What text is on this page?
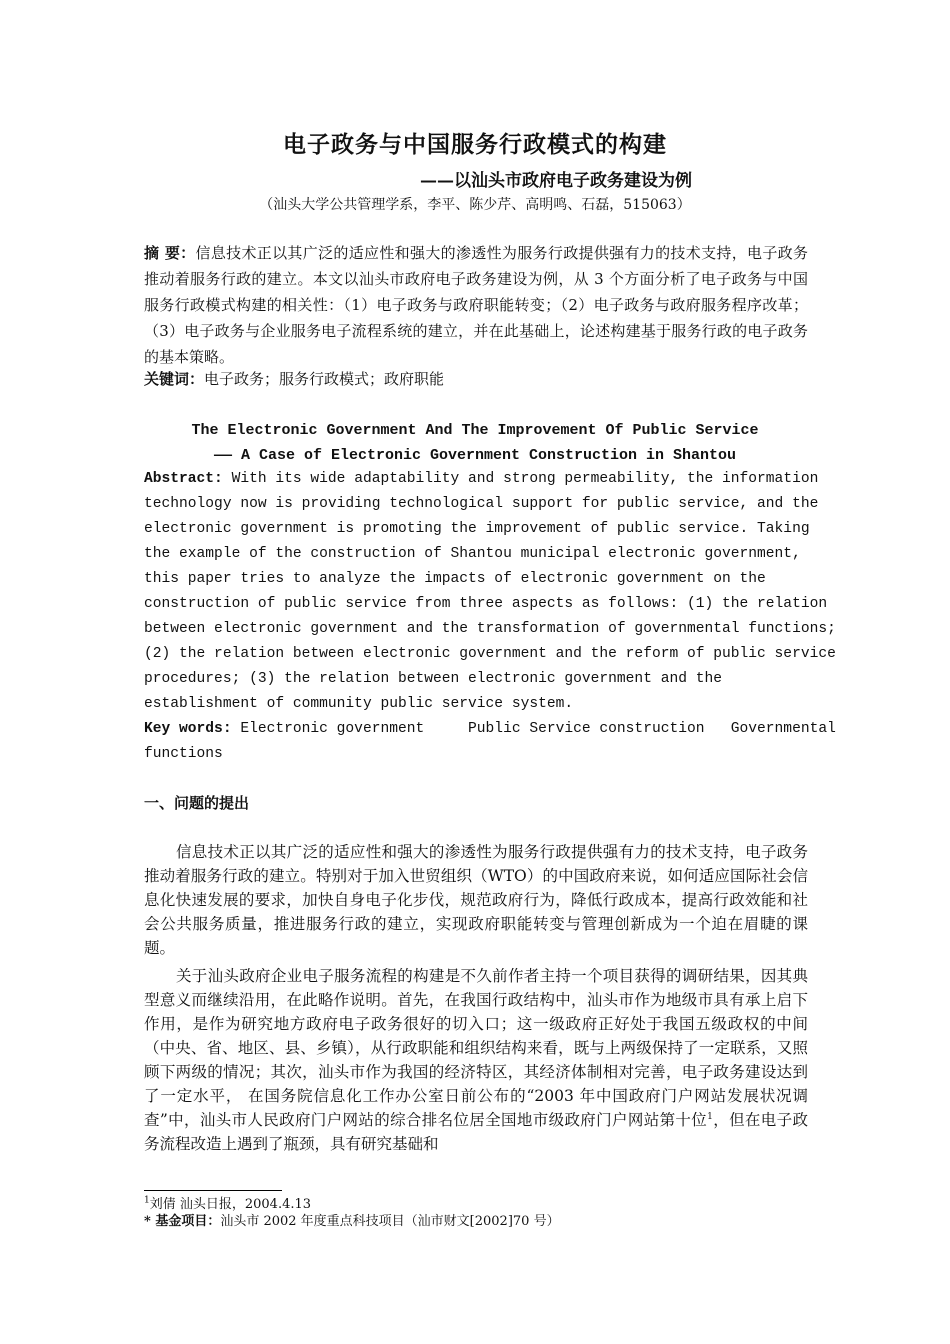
电子政务与中国服务行政模式的构建
——以汕头市政府电子政务建设为例
（汕头大学公共管理学系，李平、陈少芹、高明鸣、石磊，515063）
摘 要：信息技术正以其广泛的适应性和强大的渗透性为服务行政提供强有力的技术支持，电子政务推动着服务行政的建立。本文以汕头市政府电子政务建设为例，从 3 个方面分析了电子政务与中国服务行政模式构建的相关性：（1）电子政务与政府职能转变；（2）电子政务与政府服务程序改革；（3）电子政务与企业服务电子流程系统的建立，并在此基础上，论述构建基于服务行政的电子政务的基本策略。
关键词：电子政务；服务行政模式；政府职能
The Electronic Government And The Improvement Of Public Service
—— A Case of Electronic Government Construction in Shantou
Abstract: With its wide adaptability and strong permeability, the information
technology now is providing technological support for public service, and the
electronic government is promoting the improvement of public service. Taking
the example of the construction of Shantou municipal electronic government,
this paper tries to analyze the impacts of electronic government on the
construction of public service from three aspects as follows: (1) the relation
between electronic government and the transformation of governmental functions;
(2) the relation between electronic government and the reform of public service
procedures; (3) the relation between electronic government and the
establishment of community public service system.
Key words: Electronic government     Public Service construction   Governmental
functions
一、问题的提出

信息技术正以其广泛的适应性和强大的渗透性为服务行政提供强有力的技术支持，电子政务推动着服务行政的建立。特别对于加入世贸组织（WTO）的中国政府来说，如何适应国际社会信息化快速发展的要求，加快自身电子化步伐，规范政府行为，降低行政成本，提高行政效能和社会公共服务质量，推进服务行政的建立，实现政府职能转变与管理创新成为一个迫在眉睫的课题。

关于汕头政府企业电子服务流程的构建是不久前作者主持一个项目获得的调研结果，因其典型意义而继续沿用，在此略作说明。首先，在我国行政结构中，汕头市作为地级市具有承上启下作用，是作为研究地方政府电子政务很好的切入口；这一级政府正好处于我国五级政权的中间（中央、省、地区、县、乡镇），从行政职能和组织结构来看，既与上两级保持了一定联系，又照顾下两级的情况；其次，汕头市作为我国的经济特区，其经济体制相对完善，电子政务建设达到了一定水平， 在国务院信息化工作办公室日前公布的“2003 年中国政府门户网站发展状况调查”中，汕头市人民政府门户网站的综合排名位居全国地市级政府门户网站第十位$^1$，但在电子政务流程改造上遇到了瓶颈，具有研究基础和

$^1$刘倩 汕头日报，2004.4.13
* 基金项目：汕头市 2002 年度重点科技项目（汕市财文[2002]70 号）
